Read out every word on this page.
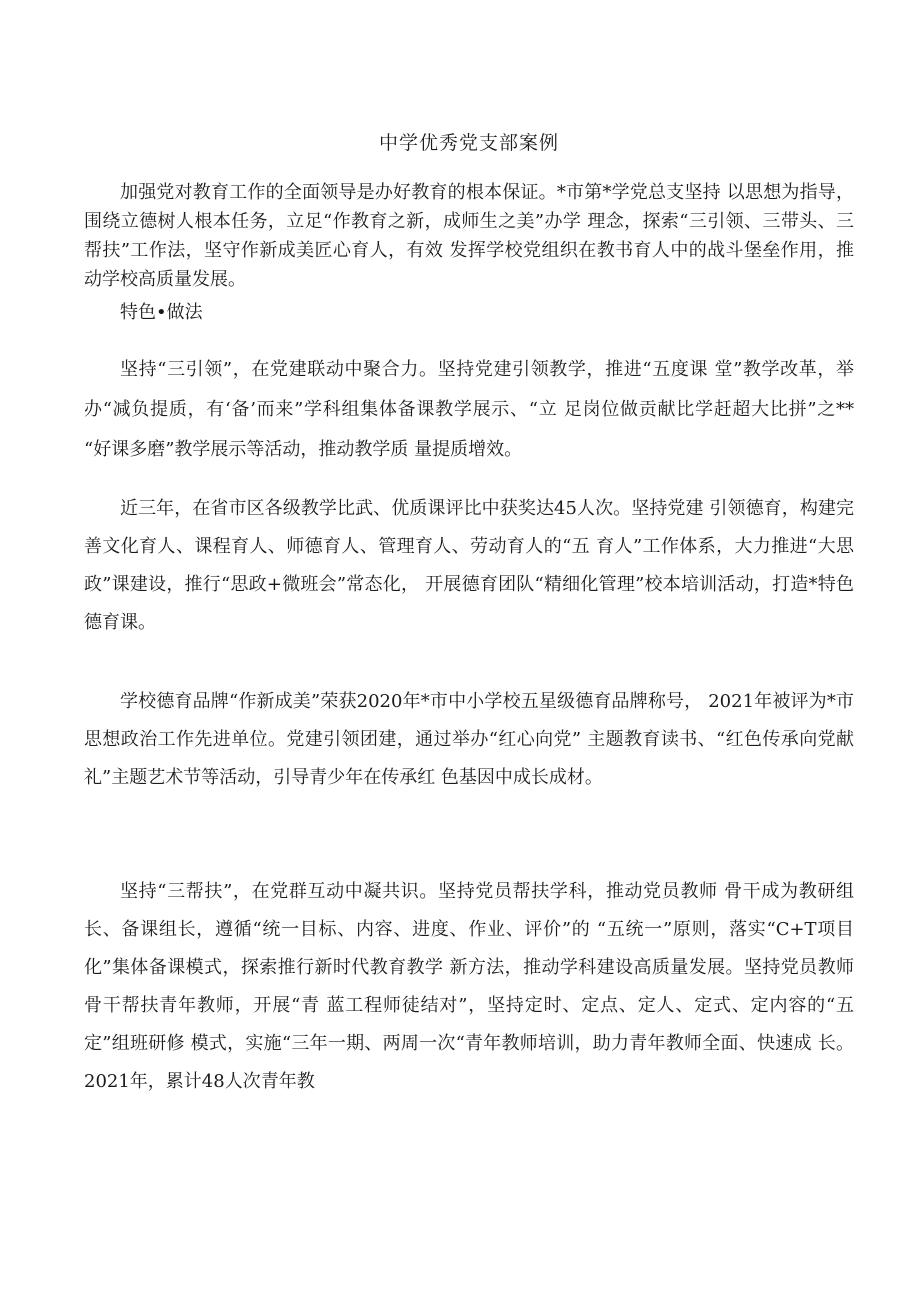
中学优秀党支部案例

加强党对教育工作的全面领导是办好教育的根本保证。*市第*学党总支坚持 以思想为指导，围绕立德树人根本任务，立足“作教育之新，成师生之美”办学 理念，探索“三引领、三带头、三帮扶”工作法，坚守作新成美匠心育人，有效 发挥学校党组织在教书育人中的战斗堡垒作用，推动学校高质量发展。

特色•做法

坚持“三引领”，在党建联动中聚合力。坚持党建引领教学，推进“五度课 堂”教学改革，举办“减负提质，有‘备’而来”学科组集体备课教学展示、“立 足岗位做贡献比学赶超大比拼”之** “好课多磨”教学展示等活动，推动教学质 量提质增效。

近三年，在省市区各级教学比武、优质课评比中获奖达45人次。坚持党建 引领德育，构建完善文化育人、课程育人、师德育人、管理育人、劳动育人的“五 育人”工作体系，大力推进“大思政”课建设，推行“思政+微班会”常态化， 开展德育团队“精细化管理”校本培训活动，打造*特色德育课。

学校德育品牌“作新成美”荣获2020年*市中小学校五星级德育品牌称号， 2021年被评为*市思想政治工作先进单位。党建引领团建，通过举办“红心向党” 主题教育读书、“红色传承向党献礼”主题艺术节等活动，引导青少年在传承红 色基因中成长成材。

坚持“三帮扶”，在党群互动中凝共识。坚持党员帮扶学科，推动党员教师 骨干成为教研组长、备课组长，遵循“统一目标、内容、进度、作业、评价”的 “五统一”原则，落实“C+T项目化”集体备课模式，探索推行新时代教育教学 新方法，推动学科建设高质量发展。坚持党员教师骨干帮扶青年教师，开展“青 蓝工程师徒结对”，坚持定时、定点、定人、定式、定内容的“五定”组班研修 模式，实施“三年一期、两周一次“青年教师培训，助力青年教师全面、快速成 长。2021年，累计48人次青年教
